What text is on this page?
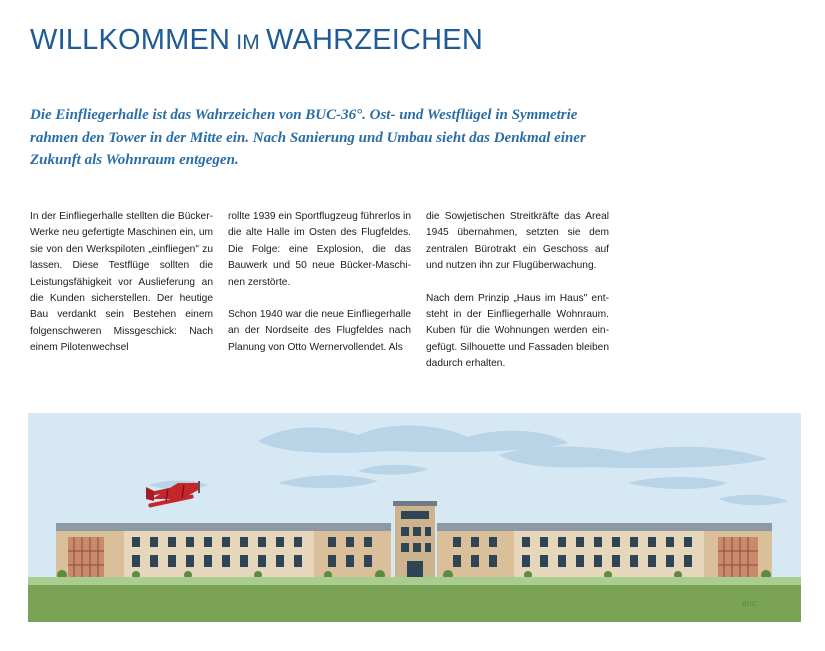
WILLKOMMEN IM WAHRZEICHEN

Die Einfliegerhalle ist das Wahrzeichen von BUC-36°. Ost- und Westflügel in Symmetrie rahmen den Tower in der Mitte ein. Nach Sanierung und Umbau sieht das Denkmal einer Zukunft als Wohnraum entgegen.

In der Einfliegerhalle stellten die Bücker-Werke neu gefertigte Maschinen ein, um sie von den Werkspiloten „einfliegen" zu lassen. Diese Testflüge sollten die Leistungsfähigkeit vor Auslieferung an die Kunden sicherstellen. Der heutige Bau verdankt sein Bestehen einem folgenschweren Missgeschick: Nach einem Pilotenwechsel

rollte 1939 ein Sportflugzeug führerlos in die alte Halle im Osten des Flugfeldes. Die Folge: eine Explosion, die das Bauwerk und 50 neue Bücker-Maschinen zerstörte.

Schon 1940 war die neue Einfliegerhalle an der Nordseite des Flugfeldes nach Planung von Otto Wernervollendet. Als

die Sowjetischen Streitkräfte das Areal 1945 übernahmen, setzten sie dem zentralen Bürotrakt ein Geschoss auf und nutzen ihn zur Flugüberwachung.

Nach dem Prinzip „Haus im Haus" entsteht in der Einfliegerhalle Wohnraum. Kuben für die Wohnungen werden eingefügt. Silhouette und Fassaden bleiben dadurch erhalten.

BUC
